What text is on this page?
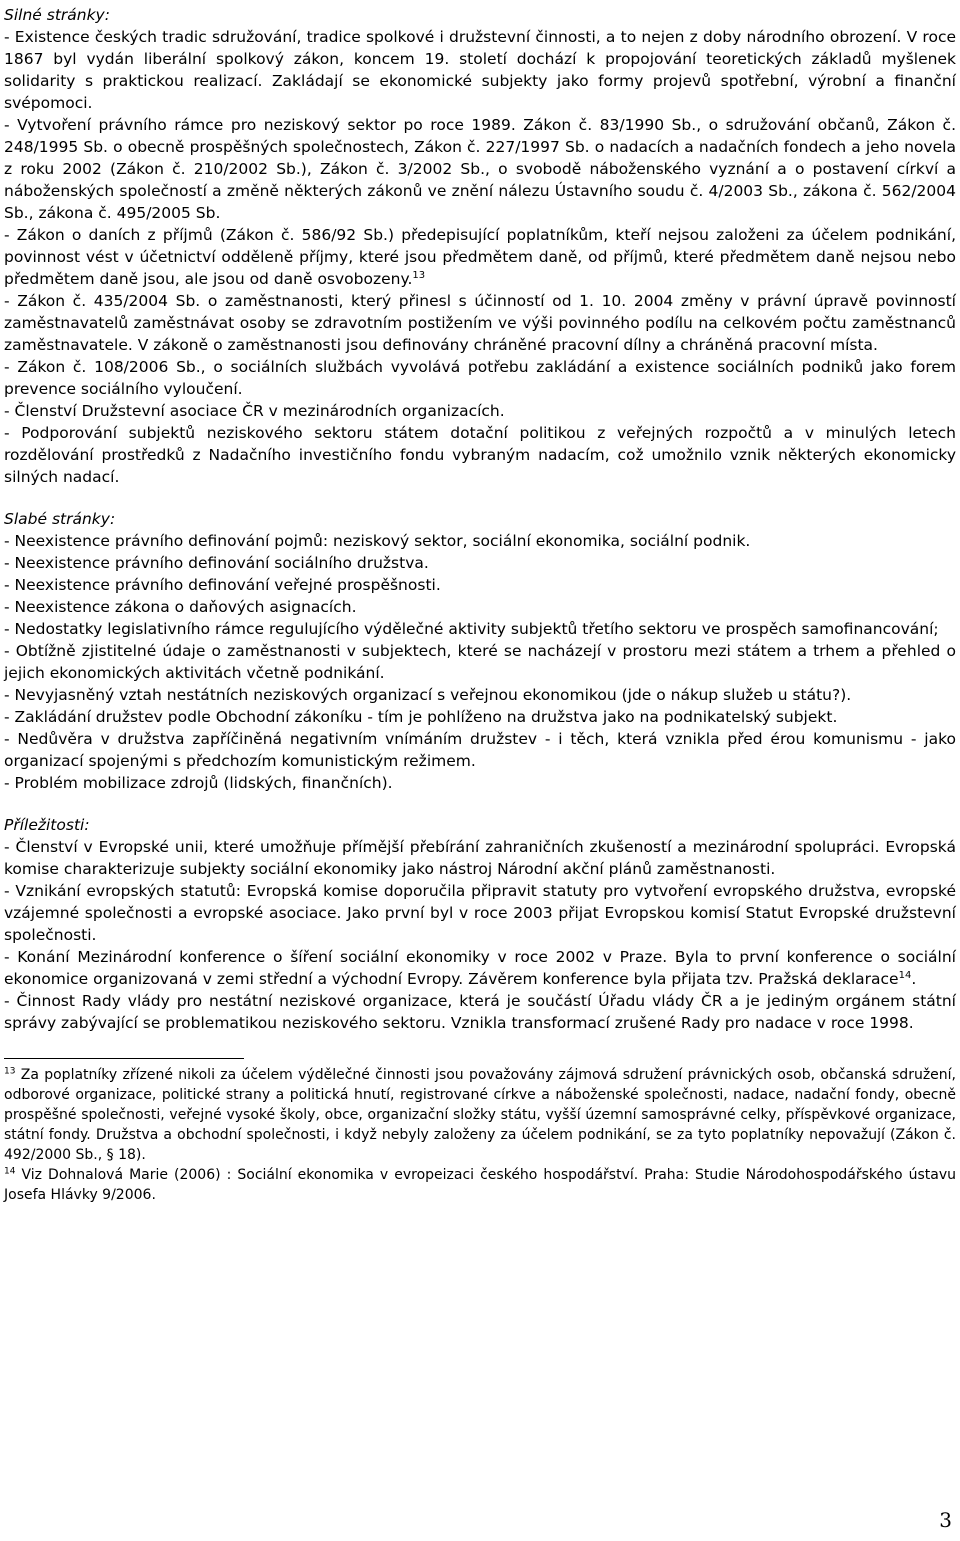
Silné stránky:

- Existence českých tradic sdružování, tradice spolkové i družstevní činnosti, a to nejen z doby národního obrození. V roce 1867 byl vydán liberální spolkový zákon, koncem 19. století dochází k propojování teoretických základů myšlenek solidarity s praktickou realizací. Zakládají se ekonomické subjekty jako formy projevů spotřební, výrobní a finanční svépomoci.

- Vytvoření právního rámce pro neziskový sektor po roce 1989. Zákon č. 83/1990 Sb., o sdružování občanů, Zákon č. 248/1995 Sb. o obecně prospěšných společnostech, Zákon č. 227/1997 Sb. o nadacích a nadačních fondech a jeho novela z roku 2002 (Zákon č. 210/2002 Sb.), Zákon č. 3/2002 Sb., o svobodě náboženského vyznání a o postavení církví a náboženských společností a změně některých zákonů ve znění nálezu Ústavního soudu č. 4/2003 Sb., zákona č. 562/2004 Sb., zákona č. 495/2005 Sb.

- Zákon o daních z příjmů (Zákon č. 586/92 Sb.) předepisující poplatníkům, kteří nejsou založeni za účelem podnikání, povinnost vést v účetnictví odděleně příjmy, které jsou předmětem daně, od příjmů, které předmětem daně nejsou nebo předmětem daně jsou, ale jsou od daně osvobozeny.$^{13}$

- Zákon č. 435/2004 Sb. o zaměstnanosti, který přinesl s účinností od 1. 10. 2004 změny v právní úpravě povinností zaměstnavatelů zaměstnávat osoby se zdravotním postižením ve výši povinného podílu na celkovém počtu zaměstnanců zaměstnavatele. V zákoně o zaměstnanosti jsou definovány chráněné pracovní dílny a chráněná pracovní místa.

- Zákon č. 108/2006 Sb., o sociálních službách vyvolává potřebu zakládání a existence sociálních podniků jako forem prevence sociálního vyloučení.

- Členství Družstevní asociace ČR v mezinárodních organizacích.

- Podporování subjektů neziskového sektoru státem dotační politikou z veřejných rozpočtů a v minulých letech rozdělování prostředků z Nadačního investičního fondu vybraným nadacím, což umožnilo vznik některých ekonomicky silných nadací.

Slabé stránky:

- Neexistence právního definování pojmů: neziskový sektor, sociální ekonomika, sociální podnik.

- Neexistence právního definování sociálního družstva.

- Neexistence právního definování veřejné prospěšnosti.

- Neexistence zákona o daňových asignacích.

- Nedostatky legislativního rámce regulujícího výdělečné aktivity subjektů třetího sektoru ve prospěch samofinancování;

- Obtížně zjistitelné údaje o zaměstnanosti v subjektech, které se nacházejí v prostoru mezi státem a trhem a přehled o jejich ekonomických aktivitách včetně podnikání.

- Nevyjasněný vztah nestátních neziskových organizací s veřejnou ekonomikou (jde o nákup služeb u státu?).

- Zakládání družstev podle Obchodní zákoníku - tím je pohlíženo na družstva jako na podnikatelský subjekt.

- Nedůvěra v družstva zapříčiněná negativním vnímáním družstev - i těch, která vznikla před érou komunismu - jako organizací spojenými s předchozím komunistickým režimem.

- Problém mobilizace zdrojů (lidských, finančních).

Příležitosti:

- Členství v Evropské unii, které umožňuje přímější přebírání zahraničních zkušeností a mezinárodní spolupráci. Evropská komise charakterizuje subjekty sociální ekonomiky jako nástroj Národní akční plánů zaměstnanosti.

- Vznikání evropských statutů: Evropská komise doporučila připravit statuty pro vytvoření evropského družstva, evropské vzájemné společnosti a evropské asociace. Jako první byl v roce 2003 přijat Evropskou komisí Statut Evropské družstevní společnosti.

- Konání Mezinárodní konference o šíření sociální ekonomiky v roce 2002 v Praze. Byla to první konference o sociální ekonomice organizovaná v zemi střední a východní Evropy. Závěrem konference byla přijata tzv. Pražská deklarace$^{14}$.

- Činnost Rady vlády pro nestátní neziskové organizace, která je součástí Úřadu vlády ČR a je jediným orgánem státní správy zabývající se problematikou neziskového sektoru. Vznikla transformací zrušené Rady pro nadace v roce 1998.

$^{13}$ Za poplatníky zřízené nikoli za účelem výdělečné činnosti jsou považovány zájmová sdružení právnických osob, občanská sdružení, odborové organizace, politické strany a politická hnutí, registrované církve a náboženské společnosti, nadace, nadační fondy, obecně prospěšné společnosti, veřejné vysoké školy, obce, organizační složky státu, vyšší územní samosprávné celky, příspěvkové organizace, státní fondy. Družstva a obchodní společnosti, i když nebyly založeny za účelem podnikání, se za tyto poplatníky nepovažují (Zákon č. 492/2000 Sb., § 18).

$^{14}$ Viz Dohnalová Marie (2006) : Sociální ekonomika v evropeizaci českého hospodářství. Praha: Studie Národohospodářského ústavu Josefa Hlávky 9/2006.

3
